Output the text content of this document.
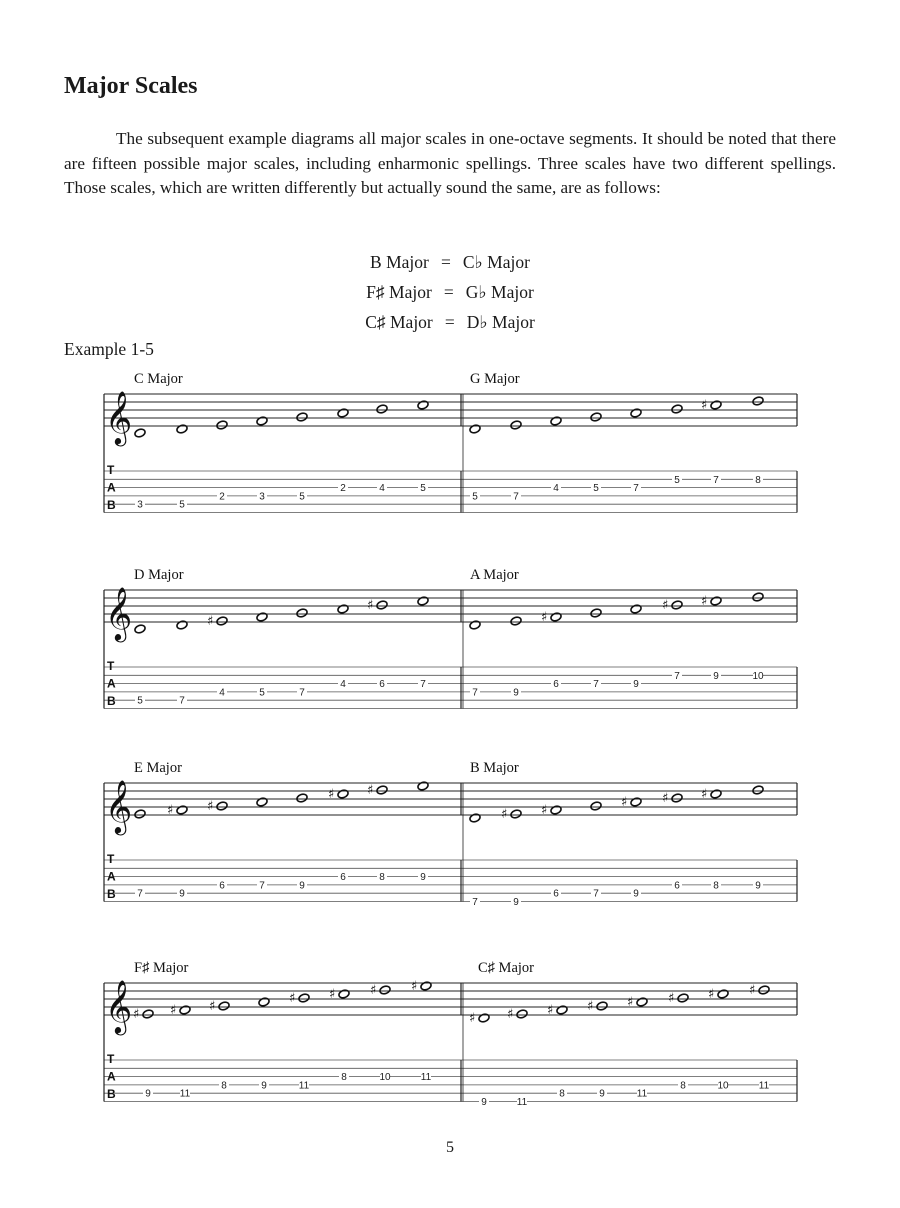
Major Scales

The subsequent example diagrams all major scales in one-octave segments. It should be noted that there are fifteen possible major scales, including enharmonic spellings. Three scales have two different spellings. Those scales, which are written differently but actually sound the same, are as follows:

B Major = C♭ Major
F♯ Major = G♭ Major
C♯ Major = D♭ Major
Example 1-5
𝄞
T
A
B
C Major
3	5
2	3	5
2	4	5
G Major
5	7
4	5	7
5
♯
7	8
𝄞
T
A
B
D Major
5	7
♯
4	5	7
4
♯
6	7
A Major
7	9
♯
6	7	9
♯
7
♯
9	10
𝄞
T
A
B
E Major
7
♯
9
♯
6	7	9
♯
6
♯
8	9
B Major
7
♯
9
♯
6	7
♯
9
♯
6
♯
8	9
𝄞
T
A
B
F♯ Major
♯
9
♯
11
♯
8	9
♯
11
♯
8
♯
10
♯
11
C♯ Major
♯
9
♯
11
♯
8
♯
9
♯
11
♯
8
♯
10
♯
11
5
